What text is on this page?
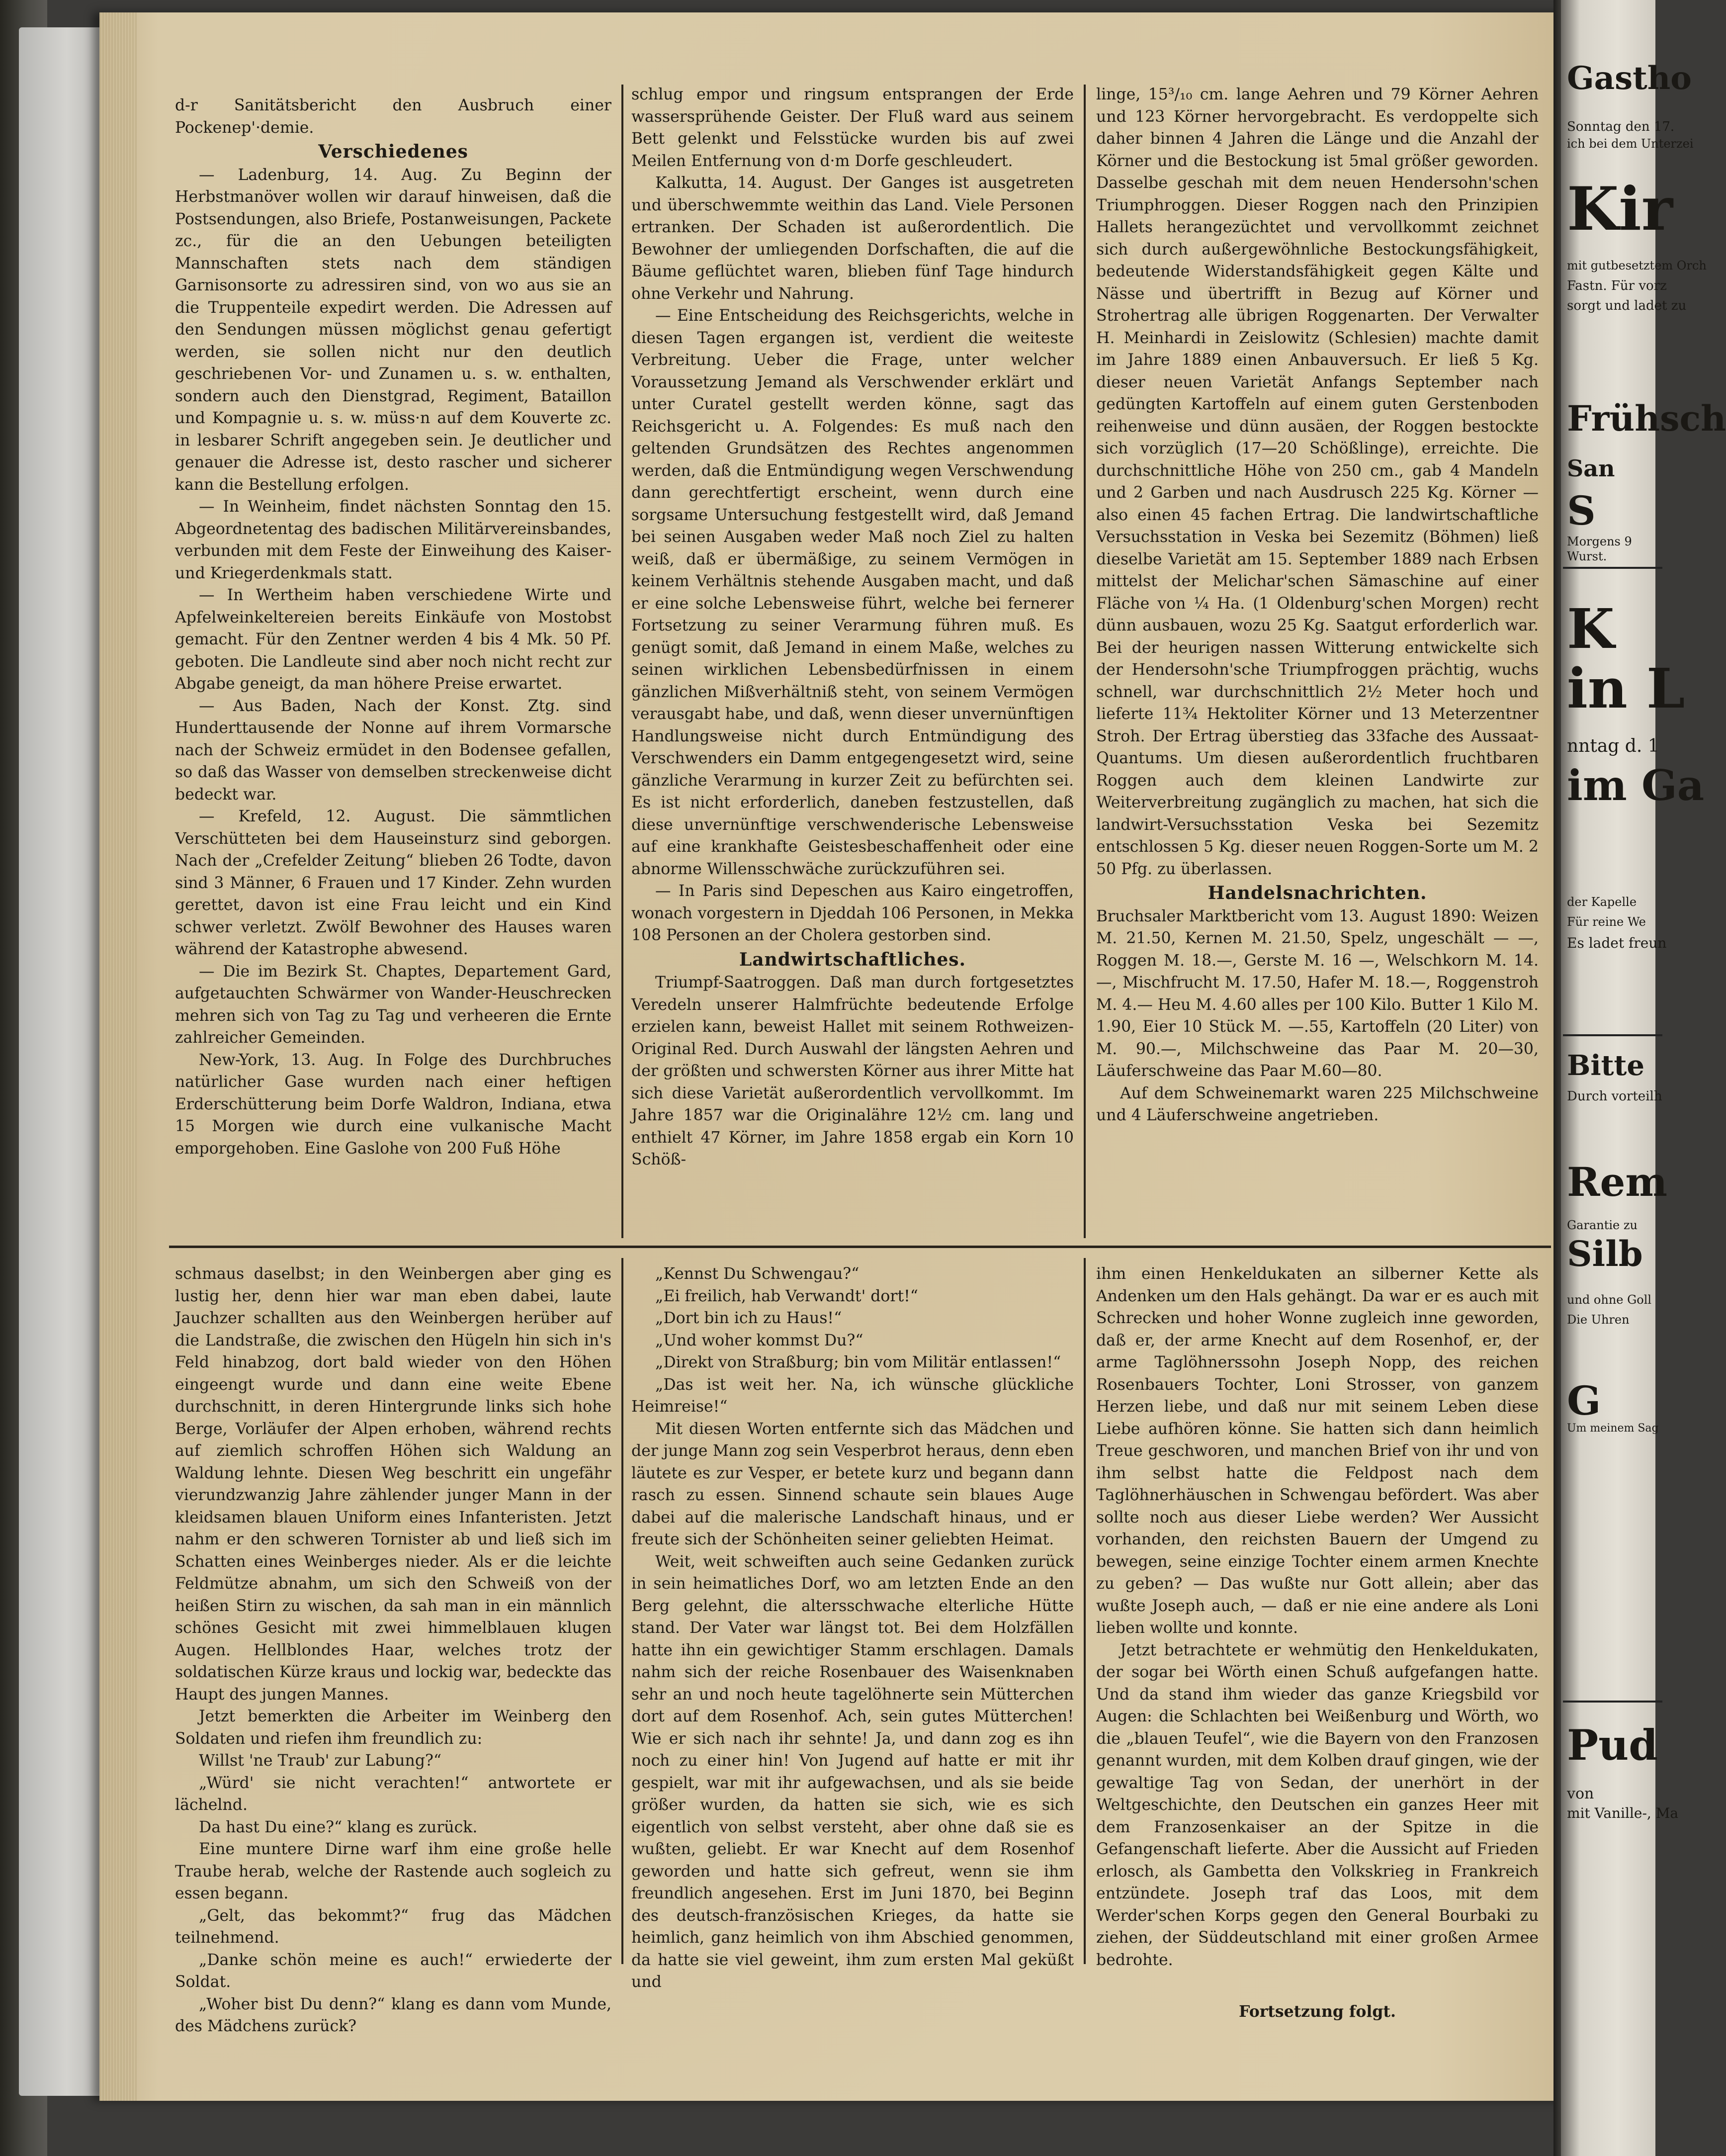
d-r Sanitätsbericht den Ausbruch einer Pockenep'·demie.

Verschiedenes

— Ladenburg, 14. Aug. Zu Beginn der Herbstmanöver wollen wir darauf hinweisen, daß die Postsendungen, also Briefe, Postanweisungen, Packete zc., für die an den Uebungen beteiligten Mannschaften stets nach dem ständigen Garnisonsorte zu adressiren sind, von wo aus sie an die Truppenteile expedirt werden. Die Adressen auf den Sendungen müssen möglichst genau gefertigt werden, sie sollen nicht nur den deutlich geschriebenen Vor- und Zunamen u. s. w. enthalten, sondern auch den Dienstgrad, Regiment, Bataillon und Kompagnie u. s. w. müss·n auf dem Kouverte zc. in lesbarer Schrift angegeben sein. Je deutlicher und genauer die Adresse ist, desto rascher und sicherer kann die Bestellung erfolgen.

— In Weinheim, findet nächsten Sonntag den 15. Abgeordnetentag des badischen Militärvereinsbandes, verbunden mit dem Feste der Einweihung des Kaiser- und Kriegerdenkmals statt.

— In Wertheim haben verschiedene Wirte und Apfelweinkeltereien bereits Einkäufe von Mostobst gemacht. Für den Zentner werden 4 bis 4 Mk. 50 Pf. geboten. Die Landleute sind aber noch nicht recht zur Abgabe geneigt, da man höhere Preise erwartet.

— Aus Baden, Nach der Konst. Ztg. sind Hunderttausende der Nonne auf ihrem Vormarsche nach der Schweiz ermüdet in den Bodensee gefallen, so daß das Wasser von demselben streckenweise dicht bedeckt war.

— Krefeld, 12. August. Die sämmtlichen Verschütteten bei dem Hauseinsturz sind geborgen. Nach der „Crefelder Zeitung“ blieben 26 Todte, davon sind 3 Männer, 6 Frauen und 17 Kinder. Zehn wurden gerettet, davon ist eine Frau leicht und ein Kind schwer verletzt. Zwölf Bewohner des Hauses waren während der Katastrophe abwesend.

— Die im Bezirk St. Chaptes, Departement Gard, aufgetauchten Schwärmer von Wander-Heuschrecken mehren sich von Tag zu Tag und verheeren die Ernte zahlreicher Gemeinden.

New-York, 13. Aug. In Folge des Durchbruches natürlicher Gase wurden nach einer heftigen Erderschütterung beim Dorfe Waldron, Indiana, etwa 15 Morgen wie durch eine vulkanische Macht emporgehoben. Eine Gaslohe von 200 Fuß Höhe

schlug empor und ringsum entsprangen der Erde wassersprühende Geister. Der Fluß ward aus seinem Bett gelenkt und Felsstücke wurden bis auf zwei Meilen Entfernung von d·m Dorfe geschleudert.

Kalkutta, 14. August. Der Ganges ist ausgetreten und überschwemmte weithin das Land. Viele Personen ertranken. Der Schaden ist außerordentlich. Die Bewohner der umliegenden Dorfschaften, die auf die Bäume geflüchtet waren, blieben fünf Tage hindurch ohne Verkehr und Nahrung.

— Eine Entscheidung des Reichsgerichts, welche in diesen Tagen ergangen ist, verdient die weiteste Verbreitung. Ueber die Frage, unter welcher Voraussetzung Jemand als Verschwender erklärt und unter Curatel gestellt werden könne, sagt das Reichsgericht u. A. Folgendes: Es muß nach den geltenden Grundsätzen des Rechtes angenommen werden, daß die Entmündigung wegen Verschwendung dann gerechtfertigt erscheint, wenn durch eine sorgsame Untersuchung festgestellt wird, daß Jemand bei seinen Ausgaben weder Maß noch Ziel zu halten weiß, daß er übermäßige, zu seinem Vermögen in keinem Verhältnis stehende Ausgaben macht, und daß er eine solche Lebensweise führt, welche bei fernerer Fortsetzung zu seiner Verarmung führen muß. Es genügt somit, daß Jemand in einem Maße, welches zu seinen wirklichen Lebensbedürfnissen in einem gänzlichen Mißverhältniß steht, von seinem Vermögen verausgabt habe, und daß, wenn dieser unvernünftigen Handlungsweise nicht durch Entmündigung des Verschwenders ein Damm entgegengesetzt wird, seine gänzliche Verarmung in kurzer Zeit zu befürchten sei. Es ist nicht erforderlich, daneben festzustellen, daß diese unvernünftige verschwenderische Lebensweise auf eine krankhafte Geistesbeschaffenheit oder eine abnorme Willensschwäche zurückzuführen sei.

— In Paris sind Depeschen aus Kairo eingetroffen, wonach vorgestern in Djeddah 106 Personen, in Mekka 108 Personen an der Cholera gestorben sind.

Landwirtschaftliches.

Triumpf-Saatroggen. Daß man durch fortgesetztes Veredeln unserer Halmfrüchte bedeutende Erfolge erzielen kann, beweist Hallet mit seinem Rothweizen-Original Red. Durch Auswahl der längsten Aehren und der größten und schwersten Körner aus ihrer Mitte hat sich diese Varietät außerordentlich vervollkommt. Im Jahre 1857 war die Originalähre 12½ cm. lang und enthielt 47 Körner, im Jahre 1858 ergab ein Korn 10 Schöß-

linge, 15³/₁₀ cm. lange Aehren und 79 Körner Aehren und 123 Körner hervorgebracht. Es verdoppelte sich daher binnen 4 Jahren die Länge und die Anzahl der Körner und die Bestockung ist 5mal größer geworden. Dasselbe geschah mit dem neuen Hendersohn'schen Triumphroggen. Dieser Roggen nach den Prinzipien Hallets herangezüchtet und vervollkommt zeichnet sich durch außergewöhnliche Bestockungsfähigkeit, bedeutende Widerstandsfähigkeit gegen Kälte und Nässe und übertrifft in Bezug auf Körner und Strohertrag alle übrigen Roggenarten. Der Verwalter H. Meinhardi in Zeislowitz (Schlesien) machte damit im Jahre 1889 einen Anbauversuch. Er ließ 5 Kg. dieser neuen Varietät Anfangs September nach gedüngten Kartoffeln auf einem guten Gerstenboden reihenweise und dünn ausäen, der Roggen bestockte sich vorzüglich (17—20 Schößlinge), erreichte. Die durchschnittliche Höhe von 250 cm., gab 4 Mandeln und 2 Garben und nach Ausdrusch 225 Kg. Körner — also einen 45 fachen Ertrag. Die landwirtschaftliche Versuchsstation in Veska bei Sezemitz (Böhmen) ließ dieselbe Varietät am 15. September 1889 nach Erbsen mittelst der Melichar'schen Sämaschine auf einer Fläche von ¼ Ha. (1 Oldenburg'schen Morgen) recht dünn ausbauen, wozu 25 Kg. Saatgut erforderlich war. Bei der heurigen nassen Witterung entwickelte sich der Hendersohn'sche Triumpfroggen prächtig, wuchs schnell, war durchschnittlich 2½ Meter hoch und lieferte 11¾ Hektoliter Körner und 13 Meterzentner Stroh. Der Ertrag überstieg das 33fache des Aussaat-Quantums. Um diesen außerordentlich fruchtbaren Roggen auch dem kleinen Landwirte zur Weiterverbreitung zugänglich zu machen, hat sich die landwirt-Versuchsstation Veska bei Sezemitz entschlossen 5 Kg. dieser neuen Roggen-Sorte um M. 2 50 Pfg. zu überlassen.

Handelsnachrichten.

Bruchsaler Marktbericht vom 13. August 1890: Weizen M. 21.50, Kernen M. 21.50, Spelz, ungeschält — —, Roggen M. 18.—, Gerste M. 16 —, Welschkorn M. 14.—, Mischfrucht M. 17.50, Hafer M. 18.—, Roggenstroh M. 4.— Heu M. 4.60 alles per 100 Kilo. Butter 1 Kilo M. 1.90, Eier 10 Stück M. —.55, Kartoffeln (20 Liter) von M. 90.—, Milchschweine das Paar M. 20—30, Läuferschweine das Paar M.60—80.

Auf dem Schweinemarkt waren 225 Milchschweine und 4 Läuferschweine angetrieben.

schmaus daselbst; in den Weinbergen aber ging es lustig her, denn hier war man eben dabei, laute Jauchzer schallten aus den Weinbergen herüber auf die Landstraße, die zwischen den Hügeln hin sich in's Feld hinabzog, dort bald wieder von den Höhen eingeengt wurde und dann eine weite Ebene durchschnitt, in deren Hintergrunde links sich hohe Berge, Vorläufer der Alpen erhoben, während rechts auf ziemlich schroffen Höhen sich Waldung an Waldung lehnte. Diesen Weg beschritt ein ungefähr vierundzwanzig Jahre zählender junger Mann in der kleidsamen blauen Uniform eines Infanteristen. Jetzt nahm er den schweren Tornister ab und ließ sich im Schatten eines Weinberges nieder. Als er die leichte Feldmütze abnahm, um sich den Schweiß von der heißen Stirn zu wischen, da sah man in ein männlich schönes Gesicht mit zwei himmelblauen klugen Augen. Hellblondes Haar, welches trotz der soldatischen Kürze kraus und lockig war, bedeckte das Haupt des jungen Mannes.

Jetzt bemerkten die Arbeiter im Weinberg den Soldaten und riefen ihm freundlich zu:

Willst 'ne Traub' zur Labung?“

„Würd' sie nicht verachten!“ antwortete er lächelnd.

Da hast Du eine?“ klang es zurück.

Eine muntere Dirne warf ihm eine große helle Traube herab, welche der Rastende auch sogleich zu essen begann.

„Gelt, das bekommt?“ frug das Mädchen teilnehmend.

„Danke schön meine es auch!“ erwiederte der Soldat.

„Woher bist Du denn?“ klang es dann vom Munde, des Mädchens zurück?

„Kennst Du Schwengau?“

„Ei freilich, hab Verwandt' dort!“

„Dort bin ich zu Haus!“

„Und woher kommst Du?“

„Direkt von Straßburg; bin vom Militär entlassen!“

„Das ist weit her. Na, ich wünsche glückliche Heimreise!“

Mit diesen Worten entfernte sich das Mädchen und der junge Mann zog sein Vesperbrot heraus, denn eben läutete es zur Vesper, er betete kurz und begann dann rasch zu essen. Sinnend schaute sein blaues Auge dabei auf die malerische Landschaft hinaus, und er freute sich der Schönheiten seiner geliebten Heimat.

Weit, weit schweiften auch seine Gedanken zurück in sein heimatliches Dorf, wo am letzten Ende an den Berg gelehnt, die altersschwache elterliche Hütte stand. Der Vater war längst tot. Bei dem Holzfällen hatte ihn ein gewichtiger Stamm erschlagen. Damals nahm sich der reiche Rosenbauer des Waisenknaben sehr an und noch heute tagelöhnerte sein Mütterchen dort auf dem Rosenhof. Ach, sein gutes Mütterchen! Wie er sich nach ihr sehnte! Ja, und dann zog es ihn noch zu einer hin! Von Jugend auf hatte er mit ihr gespielt, war mit ihr aufgewachsen, und als sie beide größer wurden, da hatten sie sich, wie es sich eigentlich von selbst versteht, aber ohne daß sie es wußten, geliebt. Er war Knecht auf dem Rosenhof geworden und hatte sich gefreut, wenn sie ihm freundlich angesehen. Erst im Juni 1870, bei Beginn des deutsch-französischen Krieges, da hatte sie heimlich, ganz heimlich von ihm Abschied genommen, da hatte sie viel geweint, ihm zum ersten Mal geküßt und

ihm einen Henkeldukaten an silberner Kette als Andenken um den Hals gehängt. Da war er es auch mit Schrecken und hoher Wonne zugleich inne geworden, daß er, der arme Knecht auf dem Rosenhof, er, der arme Taglöhnerssohn Joseph Nopp, des reichen Rosenbauers Tochter, Loni Strosser, von ganzem Herzen liebe, und daß nur mit seinem Leben diese Liebe aufhören könne. Sie hatten sich dann heimlich Treue geschworen, und manchen Brief von ihr und von ihm selbst hatte die Feldpost nach dem Taglöhnerhäuschen in Schwengau befördert. Was aber sollte noch aus dieser Liebe werden? Wer Aussicht vorhanden, den reichsten Bauern der Umgend zu bewegen, seine einzige Tochter einem armen Knechte zu geben? — Das wußte nur Gott allein; aber das wußte Joseph auch, — daß er nie eine andere als Loni lieben wollte und konnte.

Jetzt betrachtete er wehmütig den Henkeldukaten, der sogar bei Wörth einen Schuß aufgefangen hatte. Und da stand ihm wieder das ganze Kriegsbild vor Augen: die Schlachten bei Weißenburg und Wörth, wo die „blauen Teufel“, wie die Bayern von den Franzosen genannt wurden, mit dem Kolben drauf gingen, wie der gewaltige Tag von Sedan, der unerhört in der Weltgeschichte, den Deutschen ein ganzes Heer mit dem Franzosenkaiser an der Spitze in die Gefangenschaft lieferte. Aber die Aussicht auf Frieden erlosch, als Gambetta den Volkskrieg in Frankreich entzündete. Joseph traf das Loos, mit dem Werder'schen Korps gegen den General Bourbaki zu ziehen, der Süddeutschland mit einer großen Armee bedrohte.

Fortsetzung folgt.

Gastho
Sonntag den 17.
ich bei dem Unterzei
Kir
mit gutbesetztem Orch
Fastn. Für vorz
sorgt und ladet zu
Frühsch
San
S
Morgens 9
Wurst.
K
in L
nntag d. 1
im Ga
der Kapelle
Für reine We
Es ladet freun
Bitte
Durch vorteilh
Rem
Garantie zu
Silb
und ohne Goll
Die Uhren
G
Um meinem Sag
Pud
von
mit Vanille-, Ma
